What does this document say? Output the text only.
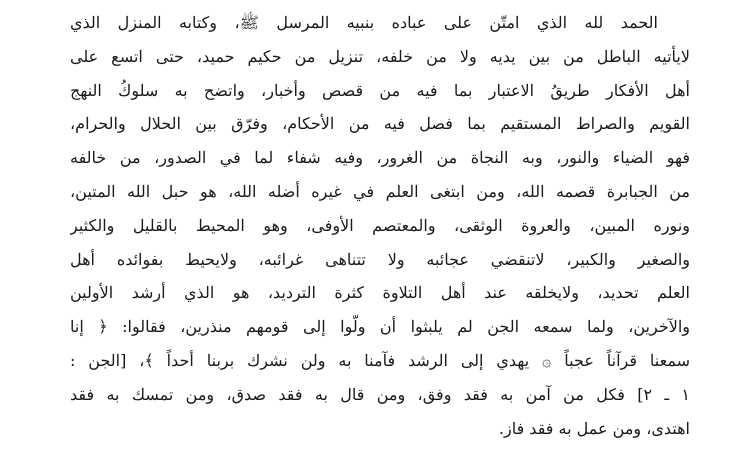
الحمد لله الذي امتّن على عباده بنبيه المرسل ﷺ، وكتابه المنزل الذي
لايأتيه الباطل من بين يديه ولا من خلفه، تنزيل من حكيم حميد، حتى اتسع على
أهل الأفكار طريقُ الاعتبار بما فيه من قصص وأخبار، واتضح به سلوكُ النهج
القويم والصراط المستقيم بما فصل فيه من الأحكام، وفرّق بين الحلال والحرام،
فهو الضياء والنور، وبه النجاة من الغرور، وفيه شفاء لما في الصدور، من خالفه
من الجبابرة قصمه الله، ومن ابتغى العلم في غيره أضله الله، هو حبل الله المتين،
ونوره المبين، والعروة الوثقى، والمعتصم الأوفى، وهو المحيط بالقليل والكثير
والصغير والكبير، لاتنقضي عجائبه ولا تتناهى غرائبه، ولايحيط بفوائده أهل
العلم تحديد، ولايخلقه عند أهل التلاوة كثرة الترديد، هو الذي أرشد الأولين
والآخرين، ولما سمعه الجن لم يلبثوا أن ولّوا إلى قومهم منذرين، فقالوا: ﴿ إنا
سمعنا قرآناً عجباً ۞ يهدي إلى الرشد فآمنا به ولن نشرك بربنا أحداً ﴾، [الجن :
١ ـ ٢] فكل من آمن به فقد وفق، ومن قال به فقد صدق، ومن تمسك به فقد
اهتدى، ومن عمل به فقد فاز.
